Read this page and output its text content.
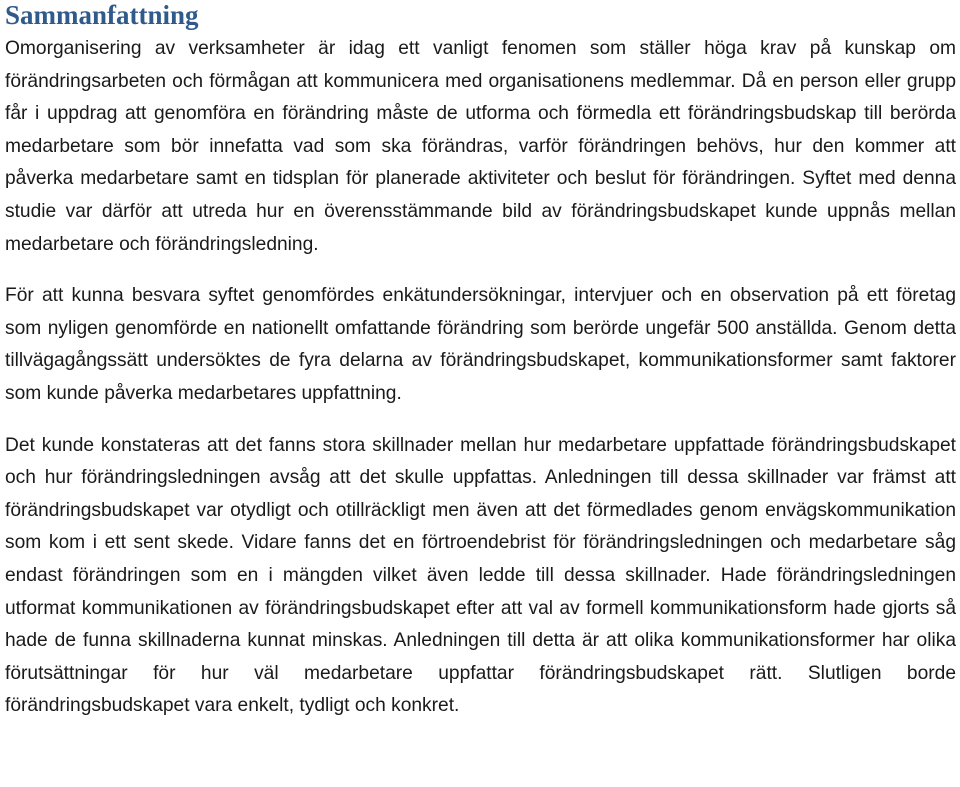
Sammanfattning

Omorganisering av verksamheter är idag ett vanligt fenomen som ställer höga krav på kunskap om förändringsarbeten och förmågan att kommunicera med organisationens medlemmar. Då en person eller grupp får i uppdrag att genomföra en förändring måste de utforma och förmedla ett förändringsbudskap till berörda medarbetare som bör innefatta vad som ska förändras, varför förändringen behövs, hur den kommer att påverka medarbetare samt en tidsplan för planerade aktiviteter och beslut för förändringen. Syftet med denna studie var därför att utreda hur en överensstämmande bild av förändringsbudskapet kunde uppnås mellan medarbetare och förändringsledning.

För att kunna besvara syftet genomfördes enkätundersökningar, intervjuer och en observation på ett företag som nyligen genomförde en nationellt omfattande förändring som berörde ungefär 500 anställda. Genom detta tillvägagångssätt undersöktes de fyra delarna av förändringsbudskapet, kommunikationsformer samt faktorer som kunde påverka medarbetares uppfattning.

Det kunde konstateras att det fanns stora skillnader mellan hur medarbetare uppfattade förändringsbudskapet och hur förändringsledningen avsåg att det skulle uppfattas. Anledningen till dessa skillnader var främst att förändringsbudskapet var otydligt och otillräckligt men även att det förmedlades genom envägskommunikation som kom i ett sent skede. Vidare fanns det en förtroendebrist för förändringsledningen och medarbetare såg endast förändringen som en i mängden vilket även ledde till dessa skillnader. Hade förändringsledningen utformat kommunikationen av förändringsbudskapet efter att val av formell kommunikationsform hade gjorts så hade de funna skillnaderna kunnat minskas. Anledningen till detta är att olika kommunikationsformer har olika förutsättningar för hur väl medarbetare uppfattar förändringsbudskapet rätt. Slutligen borde förändringsbudskapet vara enkelt, tydligt och konkret.
